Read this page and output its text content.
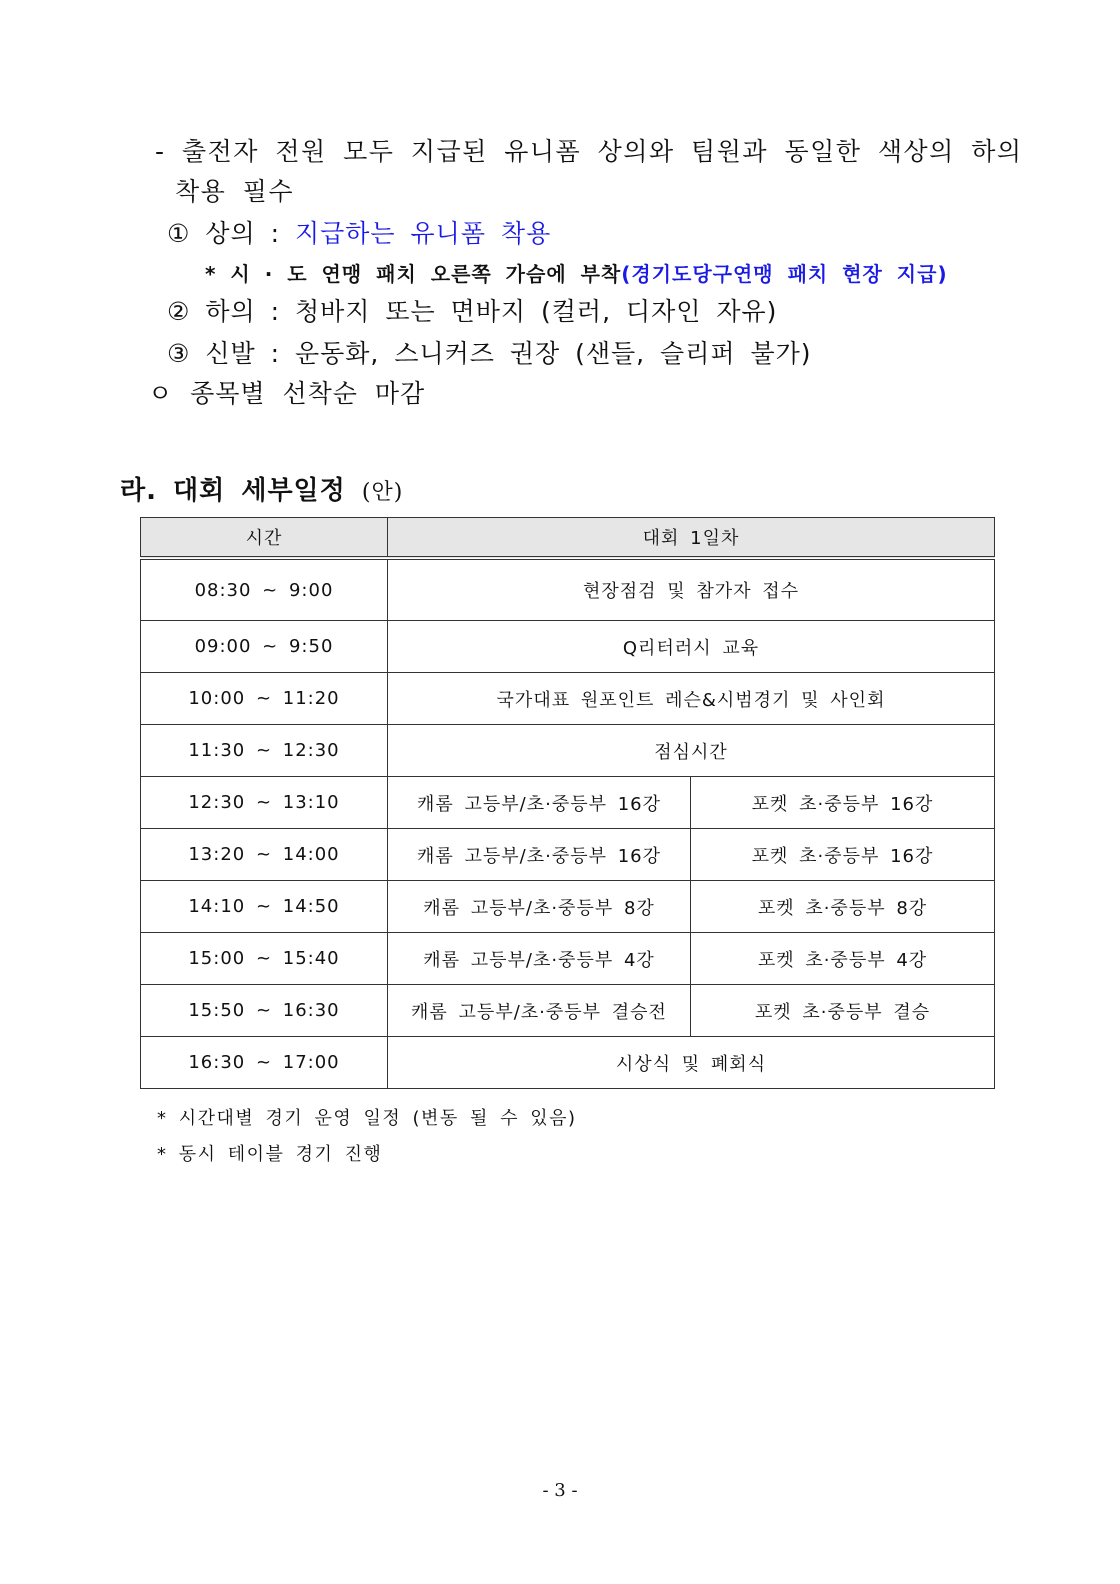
- 출전자 전원 모두 지급된 유니폼 상의와 팀원과 동일한 색상의 하의
착용 필수
① 상의 : 지급하는 유니폼 착용
* 시 · 도 연맹 패치 오른쪽 가슴에 부착(경기도당구연맹 패치 현장 지급)
② 하의 : 청바지 또는 면바지 (컬러, 디자인 자유)
③ 신발 : 운동화, 스니커즈 권장 (샌들, 슬리퍼 불가)
ㅇ 종목별 선착순 마감
라. 대회 세부일정 (안)
시간	대회 1일차	
08:30 ~ 9:00	현장점검 및 참가자 접수	
09:00 ~ 9:50	Q리터러시 교육	
10:00 ~ 11:20	국가대표 원포인트 레슨&시범경기 및 사인회	
11:30 ~ 12:30	점심시간	
12:30 ~ 13:10	캐롬 고등부/초·중등부 16강	포켓 초·중등부 16강
13:20 ~ 14:00	캐롬 고등부/초·중등부 16강	포켓 초·중등부 16강
14:10 ~ 14:50	캐롬 고등부/초·중등부 8강	포켓 초·중등부 8강
15:00 ~ 15:40	캐롬 고등부/초·중등부 4강	포켓 초·중등부 4강
15:50 ~ 16:30	캐롬 고등부/초·중등부 결승전	포켓 초·중등부 결승
16:30 ~ 17:00	시상식 및 폐회식	
* 시간대별 경기 운영 일정 (변동 될 수 있음)
* 동시 테이블 경기 진행
- 3 -
